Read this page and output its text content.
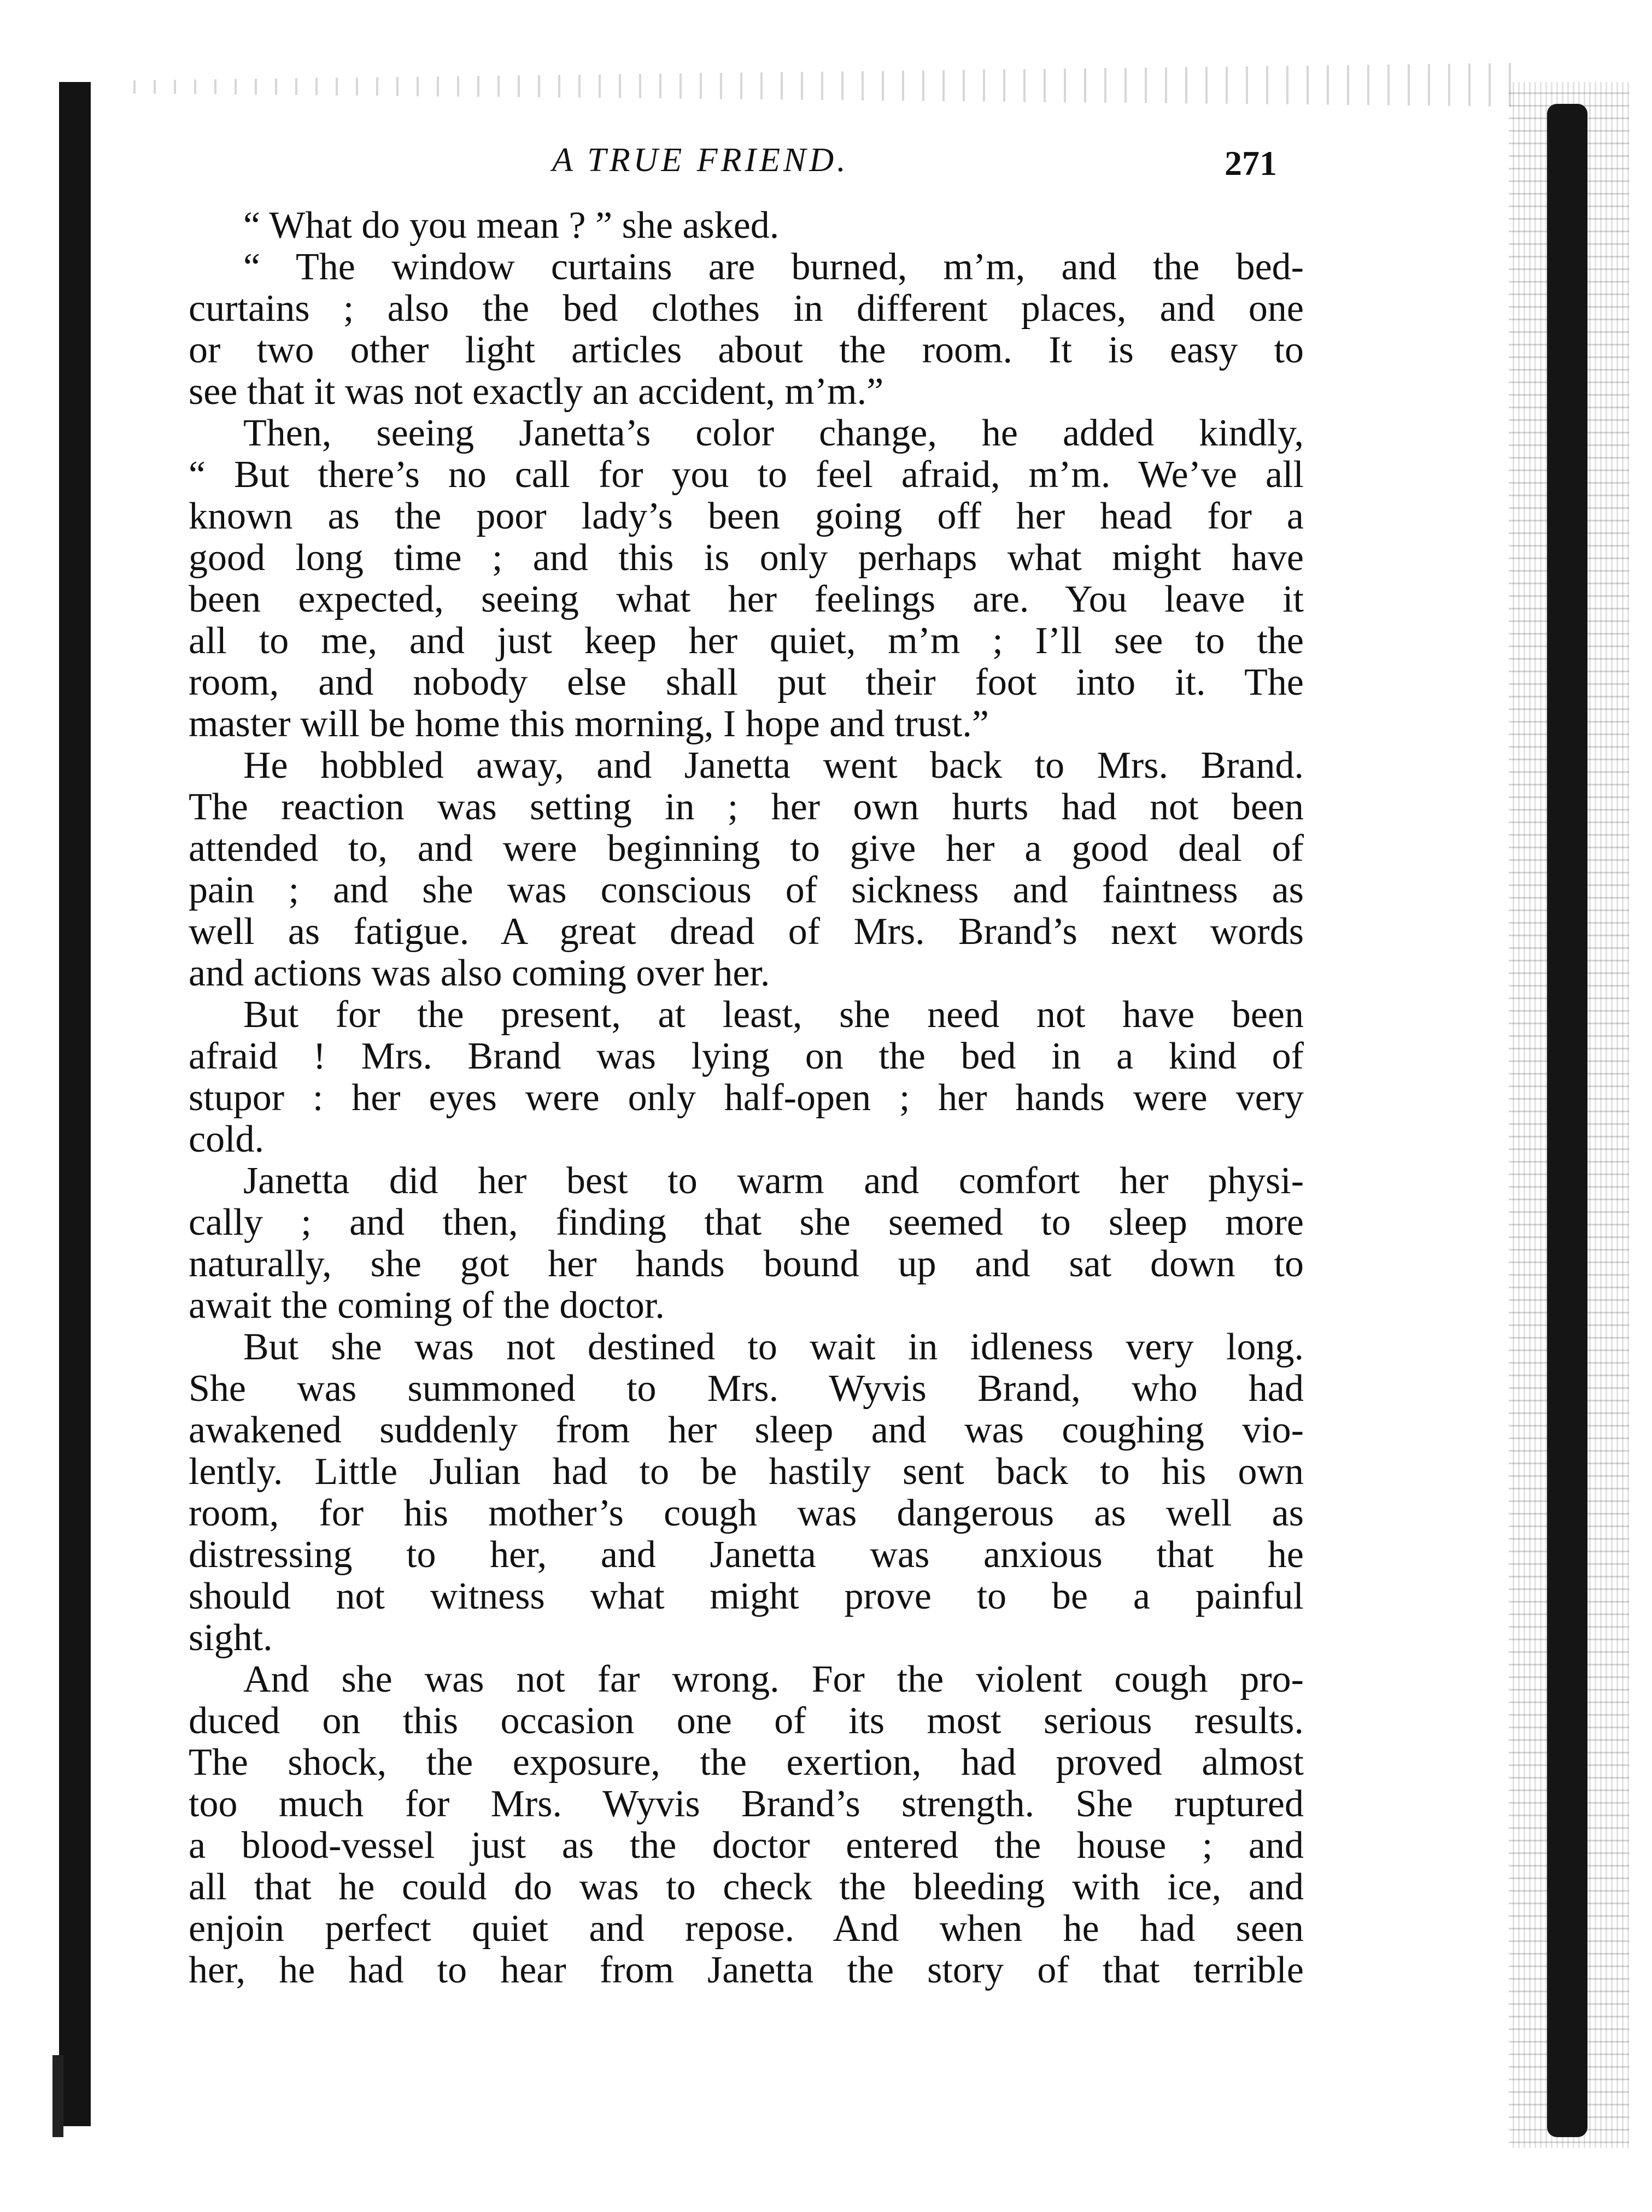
A TRUE FRIEND.	271
“ What do you mean ? ” she asked.
“ The window curtains are burned, m’m, and the bed-
curtains ; also the bed clothes in different places, and one
or two other light articles about the room. It is easy to
see that it was not exactly an accident, m’m.”
Then, seeing Janetta’s color change, he added kindly,
“ But there’s no call for you to feel afraid, m’m. We’ve all
known as the poor lady’s been going off her head for a
good long time ; and this is only perhaps what might have
been expected, seeing what her feelings are. You leave it
all to me, and just keep her quiet, m’m ; I’ll see to the
room, and nobody else shall put their foot into it. The
master will be home this morning, I hope and trust.”
He hobbled away, and Janetta went back to Mrs. Brand.
The reaction was setting in ; her own hurts had not been
attended to, and were beginning to give her a good deal of
pain ; and she was conscious of sickness and faintness as
well as fatigue. A great dread of Mrs. Brand’s next words
and actions was also coming over her.
But for the present, at least, she need not have been
afraid ! Mrs. Brand was lying on the bed in a kind of
stupor : her eyes were only half-open ; her hands were very
cold.
Janetta did her best to warm and comfort her physi-
cally ; and then, finding that she seemed to sleep more
naturally, she got her hands bound up and sat down to
await the coming of the doctor.
But she was not destined to wait in idleness very long.
She was summoned to Mrs. Wyvis Brand, who had
awakened suddenly from her sleep and was coughing vio-
lently. Little Julian had to be hastily sent back to his own
room, for his mother’s cough was dangerous as well as
distressing to her, and Janetta was anxious that he
should not witness what might prove to be a painful
sight.
And she was not far wrong. For the violent cough pro-
duced on this occasion one of its most serious results.
The shock, the exposure, the exertion, had proved almost
too much for Mrs. Wyvis Brand’s strength. She ruptured
a blood-vessel just as the doctor entered the house ; and
all that he could do was to check the bleeding with ice, and
enjoin perfect quiet and repose. And when he had seen
her, he had to hear from Janetta the story of that terrible
